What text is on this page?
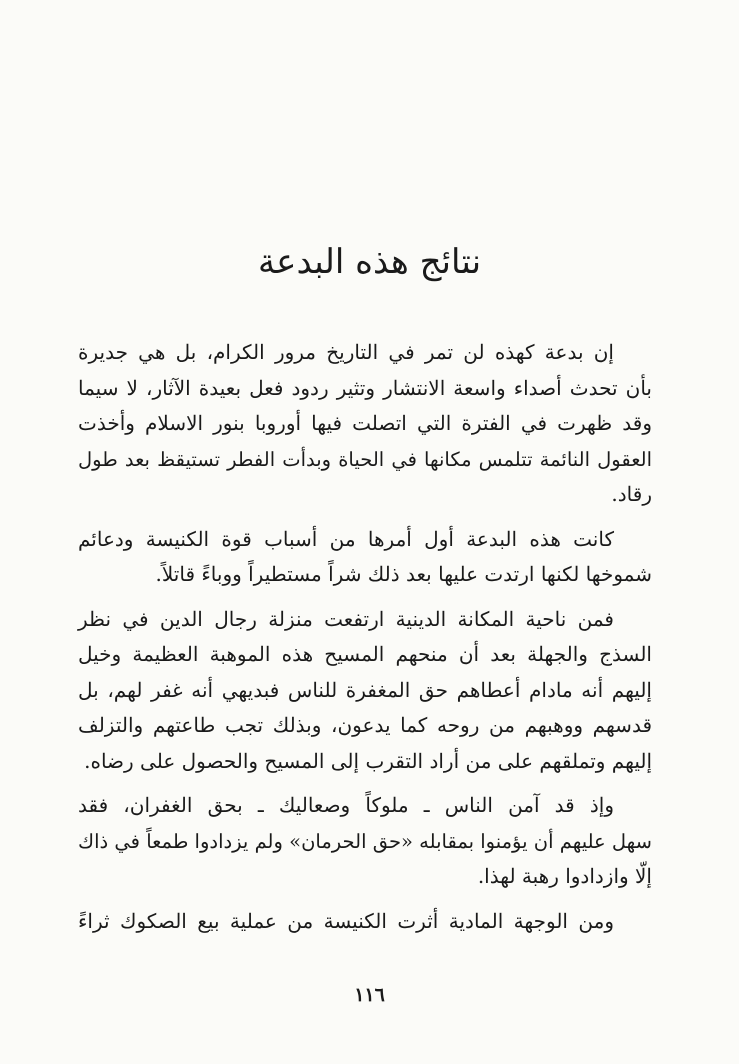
نتائج هذه البدعة

إن بدعة كهذه لن تمر في التاريخ مرور الكرام، بل هي جديرة
بأن تحدث أصداء واسعة الانتشار وتثير ردود فعل بعيدة الآثار، لا سيما
وقد ظهرت في الفترة التي اتصلت فيها أوروبا بنور الاسلام وأخذت
العقول النائمة تتلمس مكانها في الحياة وبدأت الفطر تستيقظ بعد طول
رقاد.

كانت هذه البدعة أول أمرها من أسباب قوة الكنيسة ودعائم
شموخها لكنها ارتدت عليها بعد ذلك شراً مستطيراً ووباءً قاتلاً.

فمن ناحية المكانة الدينية ارتفعت منزلة رجال الدين في نظر
السذج والجهلة بعد أن منحهم المسيح هذه الموهبة العظيمة وخيل
إليهم أنه مادام أعطاهم حق المغفرة للناس فبديهي أنه غفر لهم، بل
قدسهم ووهبهم من روحه كما يدعون، وبذلك تجب طاعتهم والتزلف
إليهم وتملقهم على من أراد التقرب إلى المسيح والحصول على رضاه.

وإذ قد آمن الناس ـ ملوكاً وصعاليك ـ بحق الغفران، فقد
سهل عليهم أن يؤمنوا بمقابله «حق الحرمان» ولم يزدادوا طمعاً في ذاك
إلّا وازدادوا رهبة لهذا.

ومن الوجهة المادية أثرت الكنيسة من عملية بيع الصكوك ثراءً

١١٦
